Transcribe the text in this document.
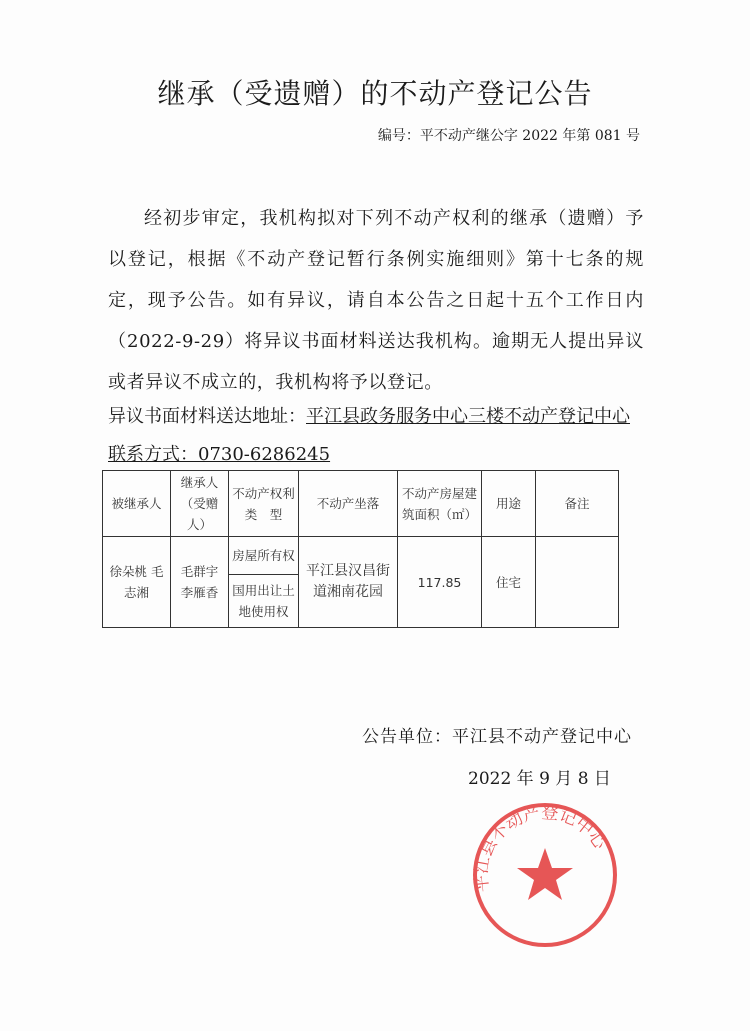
继承（受遗赠）的不动产登记公告
编号：平不动产继公字 2022 年第 081 号
经初步审定，我机构拟对下列不动产权利的继承（遗赠）予以登记，根据《不动产登记暂行条例实施细则》第十七条的规定，现予公告。如有异议，请自本公告之日起十五个工作日内（2022-9-29）将异议书面材料送达我机构。逾期无人提出异议或者异议不成立的，我机构将予以登记。
异议书面材料送达地址：平江县政务服务中心三楼不动产登记中心
联系方式：0730-6286245
被继承人	继承人（受赠人）	不动产权利类　型	不动产坐落	不动产房屋建筑面积（㎡）	用途	备注
徐朵桃 毛志湘	毛群宇 李雁香	房屋所有权	平江县汉昌街道湘南花园	117.85	住宅	
		国用出让土地使用权				
平江县不动产登记中心
公告单位：平江县不动产登记中心
2022 年 9 月 8 日
